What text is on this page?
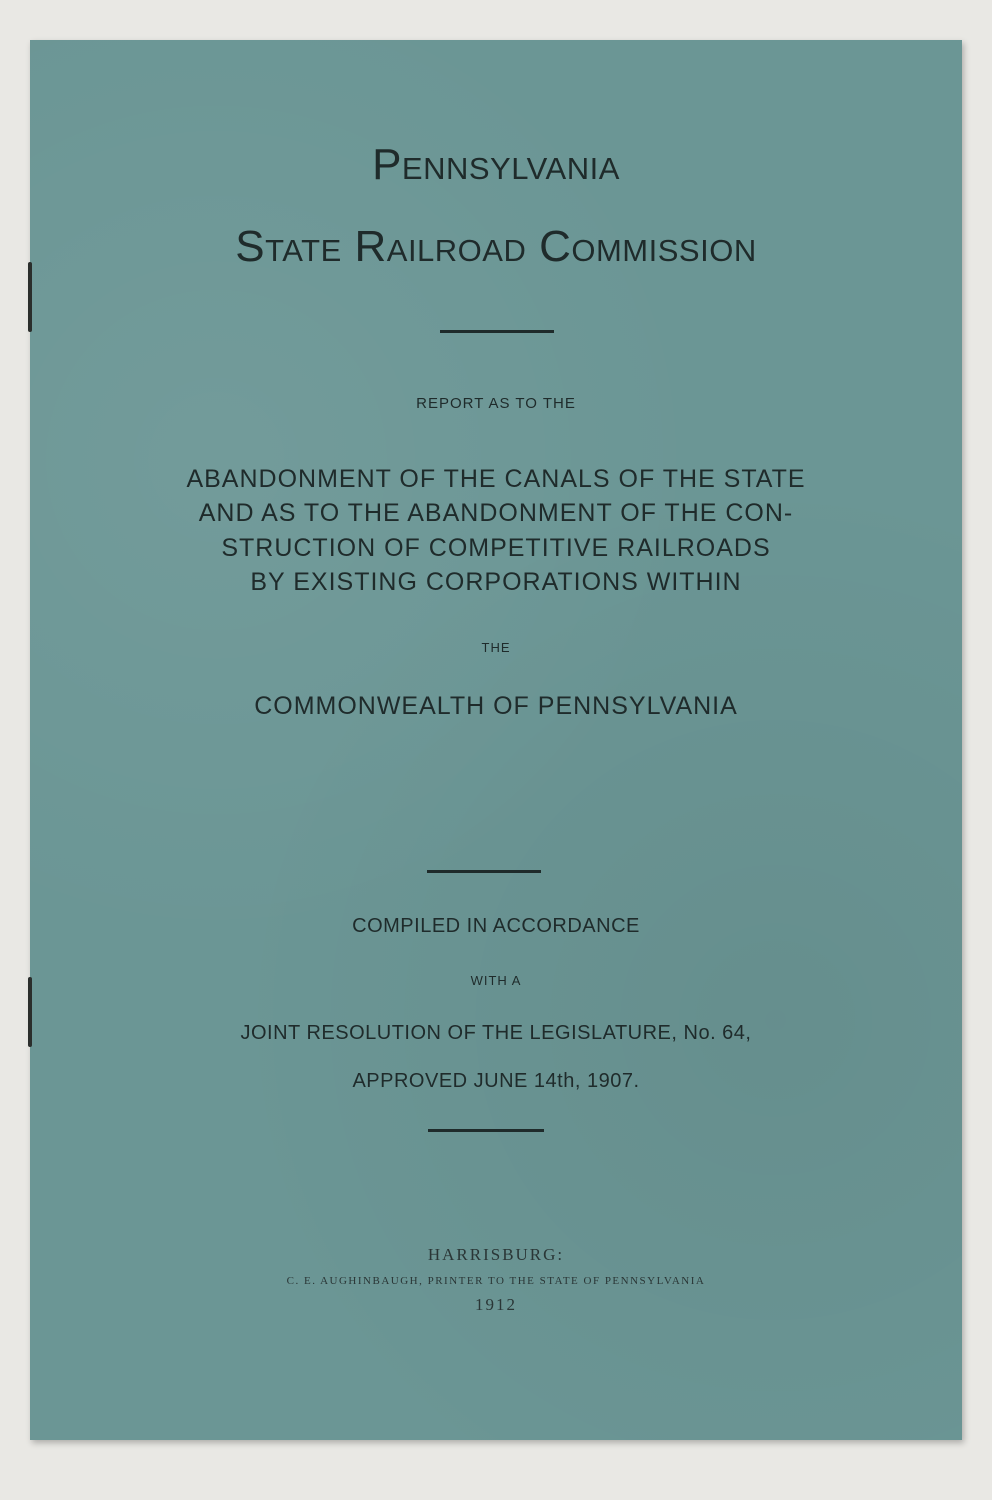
Pennsylvania
State Railroad Commission
REPORT AS TO THE
ABANDONMENT OF THE CANALS OF THE STATE
AND AS TO THE ABANDONMENT OF THE CON-
STRUCTION OF COMPETITIVE RAILROADS
BY EXISTING CORPORATIONS WITHIN
THE
COMMONWEALTH OF PENNSYLVANIA
COMPILED IN ACCORDANCE
WITH A
JOINT RESOLUTION OF THE LEGISLATURE, No. 64,
APPROVED JUNE 14th, 1907.
HARRISBURG:
C. E. AUGHINBAUGH, PRINTER TO THE STATE OF PENNSYLVANIA
1912
